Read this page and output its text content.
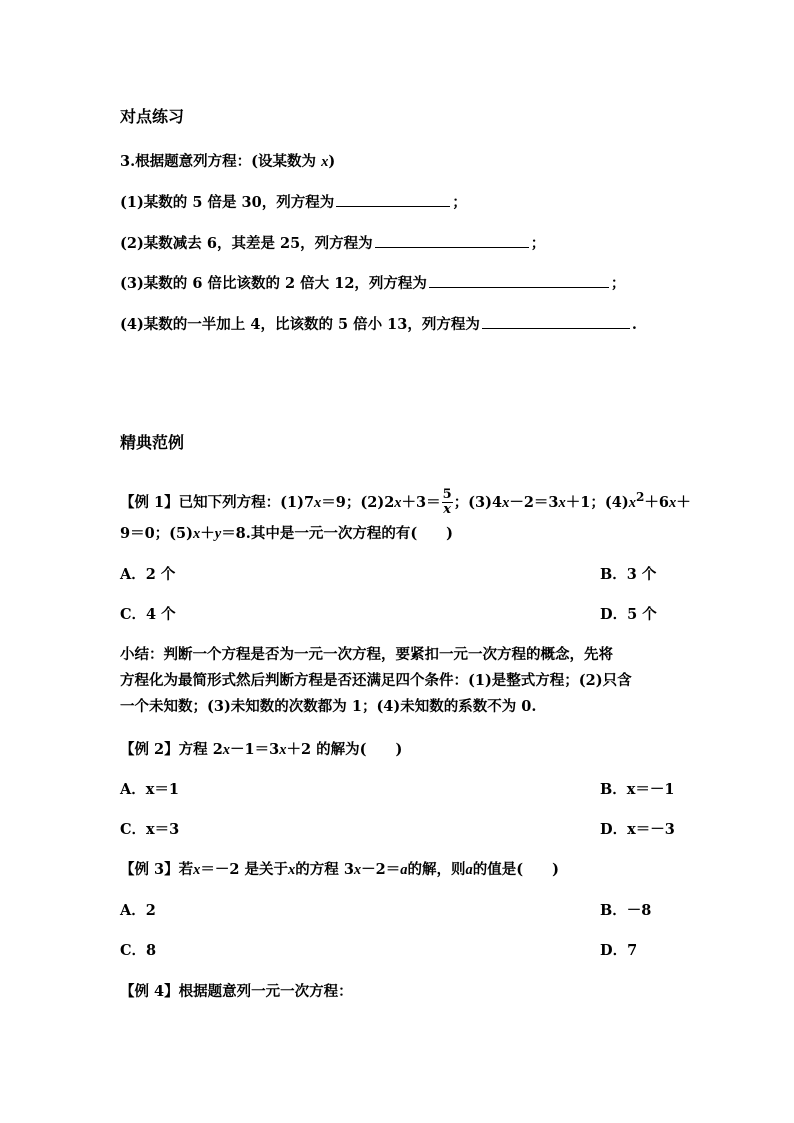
对点练习
3.根据题意列方程：(设某数为 x)
(1)某数的 5 倍是 30，列方程为	；
(2)某数减去 6，其差是 25，列方程为	；
(3)某数的 6 倍比该数的 2 倍大 12，列方程为	；
(4)某数的一半加上 4，比该数的 5 倍小 13，列方程为	.
精典范例
【例 1】已知下列方程：(1)7x＝9；$(2)2x+3= \frac{5}{x}$ ；(3)4x－2＝3x＋1；$(4)x^2+6x+$
9＝0；(5)x＋y＝8.其中是一元一次方程的有(　　)
A．2 个	B．3 个
C．4 个	D．5 个
小结：判断一个方程是否为一元一次方程，要紧扣一元一次方程的概念，先将
方程化为最简形式然后判断方程是否还满足四个条件：(1)是整式方程；(2)只含
一个未知数；(3)未知数的次数都为 1；(4)未知数的系数不为 0.
【例 2】方程 2x－1＝3x＋2 的解为(　　)
A．x＝1	B．x＝－1
C．x＝3	D．x＝－3
【例 3】若x＝－2 是关于x的方程 3x－2＝a的解，则a的值是(　　)
A．2	B．－8
C．8	D．7
【例 4】根据题意列一元一次方程：
